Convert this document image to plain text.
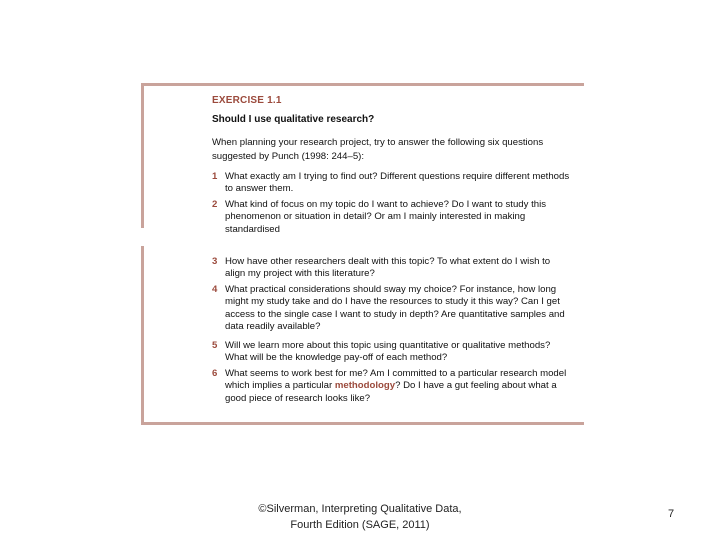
EXERCISE 1.1
Should I use qualitative research?
When planning your research project, try to answer the following six questions suggested by Punch (1998: 244–5):
1 What exactly am I trying to find out? Different questions require different methods to answer them.
2 What kind of focus on my topic do I want to achieve? Do I want to study this phenomenon or situation in detail? Or am I mainly interested in making standardised
3 How have other researchers dealt with this topic? To what extent do I wish to align my project with this literature?
4 What practical considerations should sway my choice? For instance, how long might my study take and do I have the resources to study it this way? Can I get access to the single case I want to study in depth? Are quantitative samples and data readily available?
5 Will we learn more about this topic using quantitative or qualitative methods? What will be the knowledge pay-off of each method?
6 What seems to work best for me? Am I committed to a particular research model which implies a particular methodology? Do I have a gut feeling about what a good piece of research looks like?
©Silverman, Interpreting Qualitative Data,
Fourth Edition (SAGE, 2011)
7
